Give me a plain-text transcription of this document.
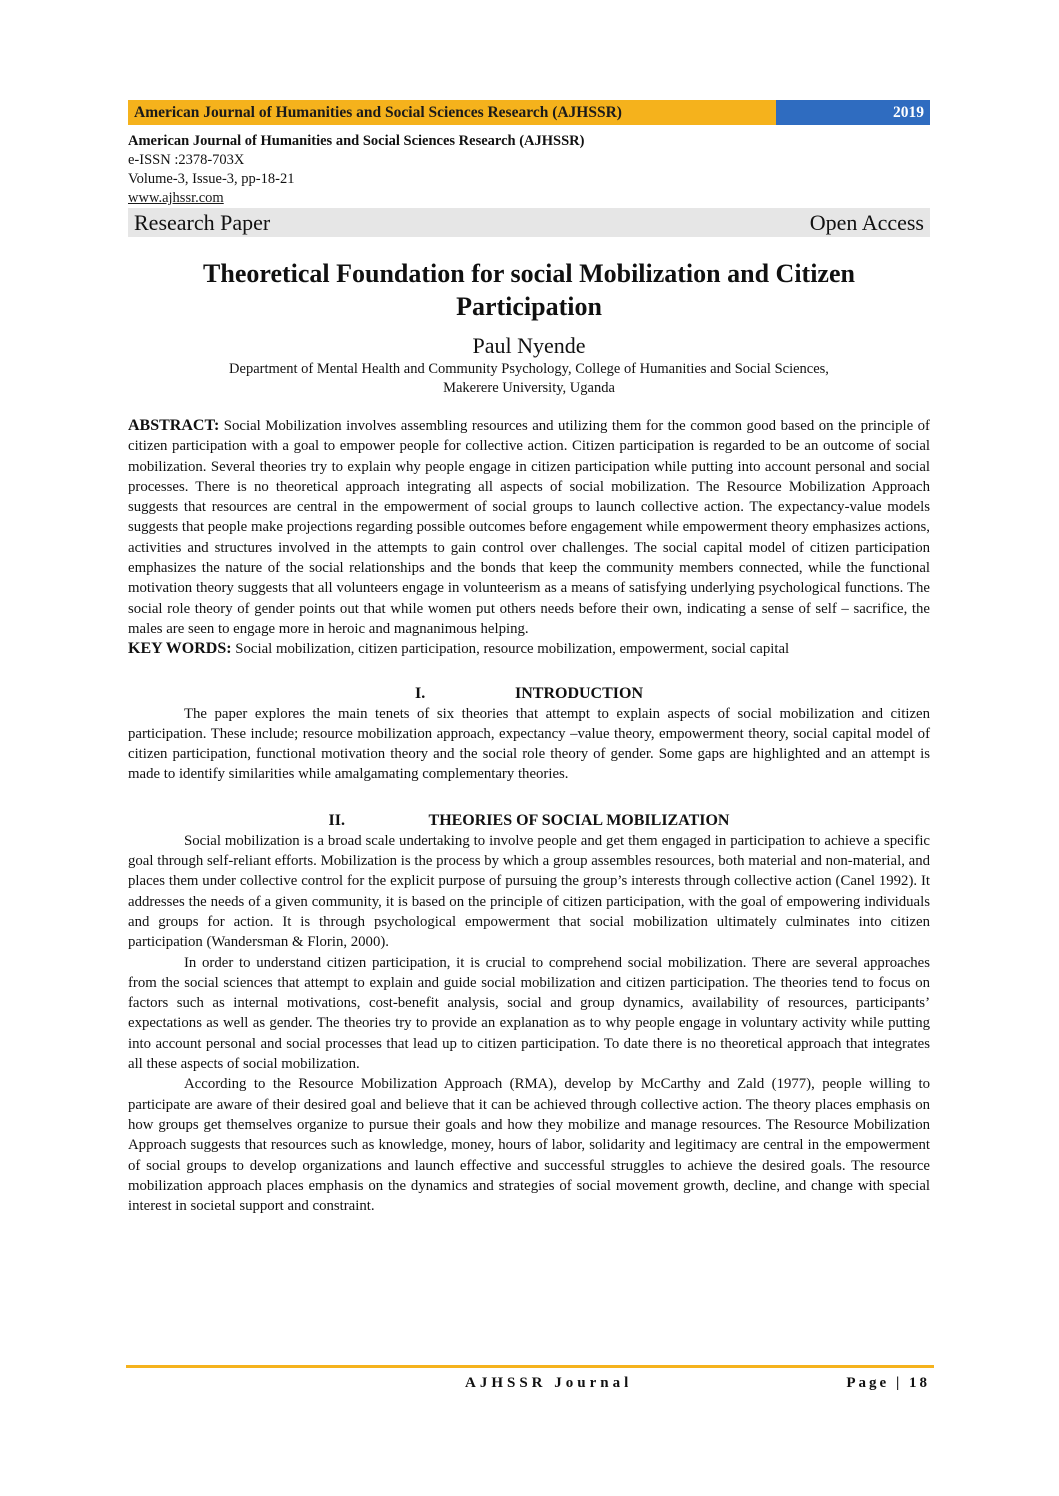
American Journal of Humanities and Social Sciences Research (AJHSSR)	2019
American Journal of Humanities and Social Sciences Research (AJHSSR)
e-ISSN :2378-703X
Volume-3, Issue-3, pp-18-21
www.ajhssr.com
Research Paper	Open Access
Theoretical Foundation for social Mobilization and Citizen
Participation
Paul Nyende
Department of Mental Health and Community Psychology, College of Humanities and Social Sciences,
Makerere University, Uganda

ABSTRACT: Social Mobilization involves assembling resources and utilizing them for the common good based on the principle of citizen participation with a goal to empower people for collective action. Citizen participation is regarded to be an outcome of social mobilization. Several theories try to explain why people engage in citizen participation while putting into account personal and social processes. There is no theoretical approach integrating all aspects of social mobilization. The Resource Mobilization Approach suggests that resources are central in the empowerment of social groups to launch collective action. The expectancy-value models suggests that people make projections regarding possible outcomes before engagement while empowerment theory emphasizes actions, activities and structures involved in the attempts to gain control over challenges. The social capital model of citizen participation emphasizes the nature of the social relationships and the bonds that keep the community members connected, while the functional motivation theory suggests that all volunteers engage in volunteerism as a means of satisfying underlying psychological functions. The social role theory of gender points out that while women put others needs before their own, indicating a sense of self – sacrifice, the males are seen to engage more in heroic and magnanimous helping.

KEY WORDS: Social mobilization, citizen participation, resource mobilization, empowerment, social capital

I.	INTRODUCTION

The paper explores the main tenets of six theories that attempt to explain aspects of social mobilization and citizen participation. These include; resource mobilization approach, expectancy –value theory, empowerment theory, social capital model of citizen participation, functional motivation theory and the social role theory of gender. Some gaps are highlighted and an attempt is made to identify similarities while amalgamating complementary theories.

II.	THEORIES OF SOCIAL MOBILIZATION

Social mobilization is a broad scale undertaking to involve people and get them engaged in participation to achieve a specific goal through self-reliant efforts. Mobilization is the process by which a group assembles resources, both material and non-material, and places them under collective control for the explicit purpose of pursuing the group’s interests through collective action (Canel 1992). It addresses the needs of a given community, it is based on the principle of citizen participation, with the goal of empowering individuals and groups for action. It is through psychological empowerment that social mobilization ultimately culminates into citizen participation (Wandersman & Florin, 2000).

In order to understand citizen participation, it is crucial to comprehend social mobilization. There are several approaches from the social sciences that attempt to explain and guide social mobilization and citizen participation. The theories tend to focus on factors such as internal motivations, cost-benefit analysis, social and group dynamics, availability of resources, participants’ expectations as well as gender. The theories try to provide an explanation as to why people engage in voluntary activity while putting into account personal and social processes that lead up to citizen participation. To date there is no theoretical approach that integrates all these aspects of social mobilization.

According to the Resource Mobilization Approach (RMA), develop by McCarthy and Zald (1977), people willing to participate are aware of their desired goal and believe that it can be achieved through collective action. The theory places emphasis on how groups get themselves organize to pursue their goals and how they mobilize and manage resources. The Resource Mobilization Approach suggests that resources such as knowledge, money, hours of labor, solidarity and legitimacy are central in the empowerment of social groups to develop organizations and launch effective and successful struggles to achieve the desired goals. The resource mobilization approach places emphasis on the dynamics and strategies of social movement growth, decline, and change with special interest in societal support and constraint.

AJHSSR Journal	Page | 18
